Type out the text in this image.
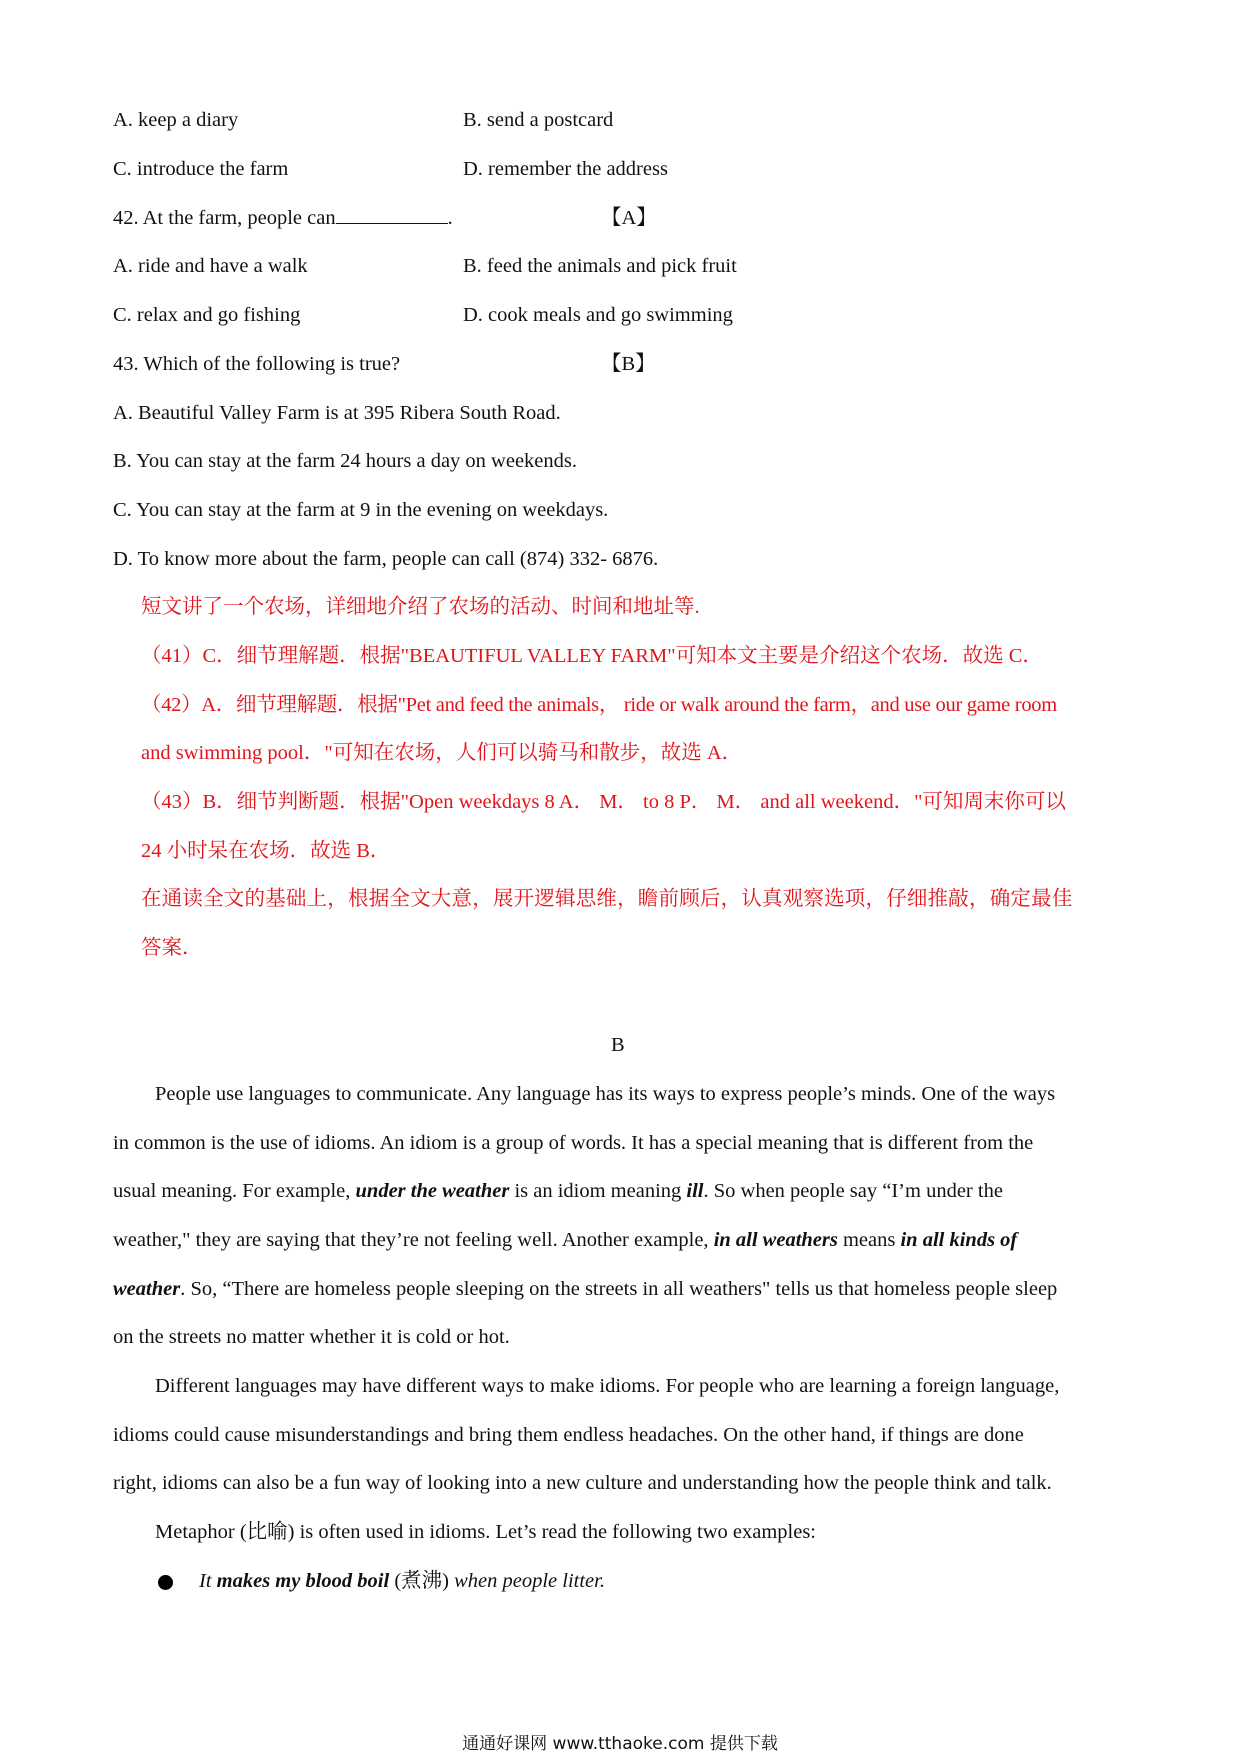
A. keep a diary	B. send a postcard
C. introduce the farm	D. remember the address
42. At the farm, people can	.	【A】
A. ride and have a walk	B. feed the animals and pick fruit
C. relax and go fishing	D. cook meals and go swimming
43. Which of the following is true?	【B】
A. Beautiful Valley Farm is at 395 Ribera South Road.
B. You can stay at the farm 24 hours a day on weekends.
C. You can stay at the farm at 9 in the evening on weekdays.
D. To know more about the farm, people can call (874) 332- 6876.
短文讲了一个农场，详细地介绍了农场的活动、时间和地址等.
（41）C．细节理解题．根据"BEAUTIFUL VALLEY FARM"可知本文主要是介绍这个农场．故选 C．
（42）A．细节理解题．根据"Pet and feed the animals， ride or walk around the farm，and use our game room
and swimming pool．"可知在农场，人们可以骑马和散步，故选 A．
（43）B．细节判断题．根据"Open weekdays 8 A． M． to 8 P． M． and all weekend．"可知周末你可以
24 小时呆在农场．故选 B．
在通读全文的基础上，根据全文大意，展开逻辑思维，瞻前顾后，认真观察选项，仔细推敲，确定最佳
答案．
B
People use languages to communicate. Any language has its ways to express people’s minds. One of the ways
in common is the use of idioms. An idiom is a group of words. It has a special meaning that is different from the
usual meaning. For example, under the weather is an idiom meaning ill. So when people say “I’m under the
weather," they are saying that they’re not feeling well. Another example, in all weathers means in all kinds of
weather. So, “There are homeless people sleeping on the streets in all weathers" tells us that homeless people sleep
on the streets no matter whether it is cold or hot.
Different languages may have different ways to make idioms. For people who are learning a foreign language,
idioms could cause misunderstandings and bring them endless headaches. On the other hand, if things are done
right, idioms can also be a fun way of looking into a new culture and understanding how the people think and talk.
Metaphor (比喻) is often used in idioms. Let’s read the following two examples:
It makes my blood boil (煮沸) when people litter.
通通好课网 www.tthaoke.com 提供下载
